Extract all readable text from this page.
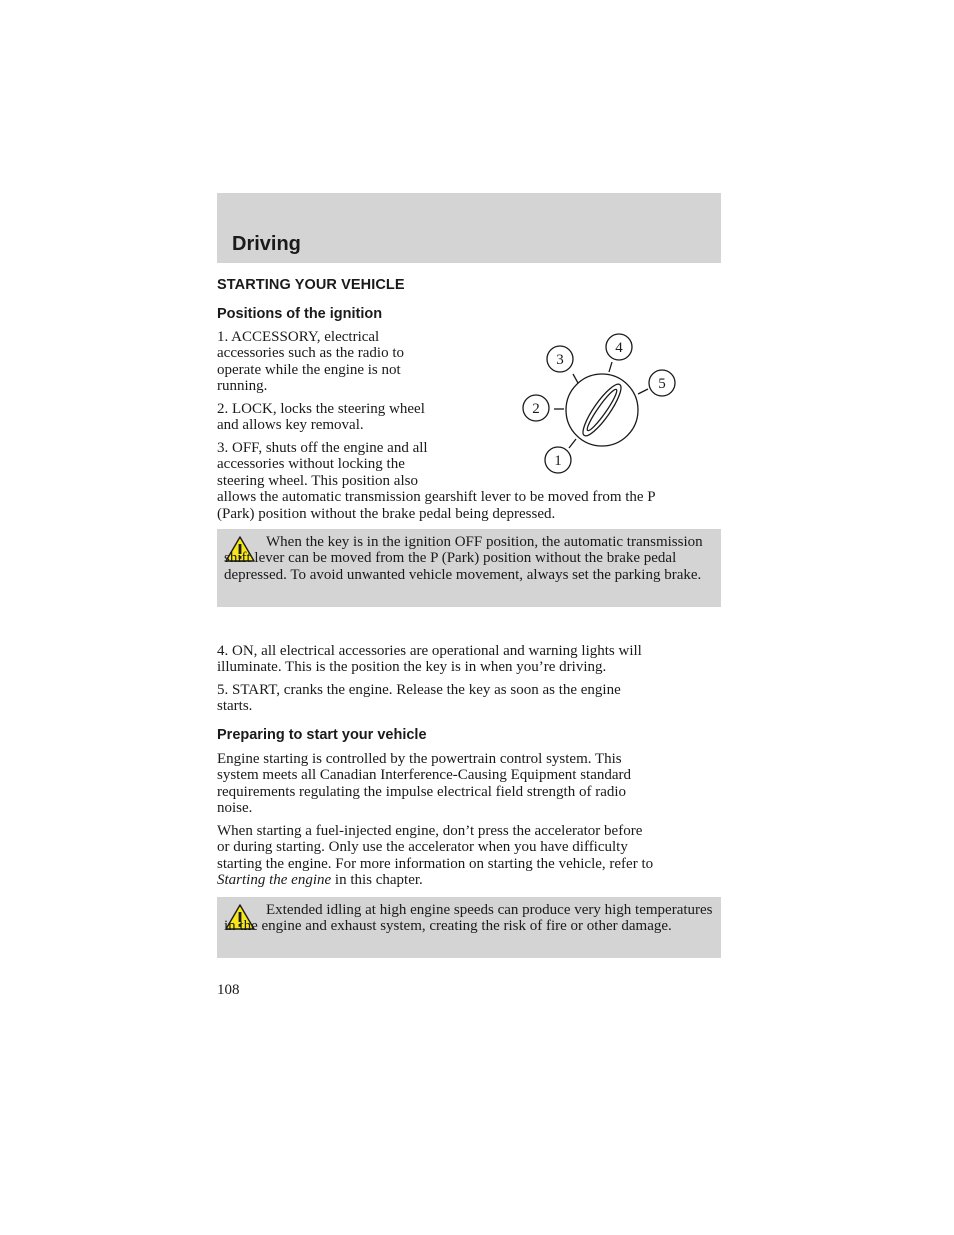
Driving
STARTING YOUR VEHICLE
Positions of the ignition
1. ACCESSORY, electrical
accessories such as the radio to
operate while the engine is not
running.
2. LOCK, locks the steering wheel
and allows key removal.
3. OFF, shuts off the engine and all
accessories without locking the
steering wheel. This position also
allows the automatic transmission gearshift lever to be moved from the P
(Park) position without the brake pedal being depressed.
1
2
3
4
5
When the key is in the ignition OFF position, the automatic transmission shift lever can be moved from the P (Park) position without the brake pedal depressed. To avoid unwanted vehicle movement, always set the parking brake.
4. ON, all electrical accessories are operational and warning lights will
illuminate. This is the position the key is in when you’re driving.
5. START, cranks the engine. Release the key as soon as the engine
starts.
Preparing to start your vehicle
Engine starting is controlled by the powertrain control system. This
system meets all Canadian Interference-Causing Equipment standard
requirements regulating the impulse electrical field strength of radio
noise.
When starting a fuel-injected engine, don’t press the accelerator before
or during starting. Only use the accelerator when you have difficulty
starting the engine. For more information on starting the vehicle, refer to
Starting the engine in this chapter.
Extended idling at high engine speeds can produce very high temperatures in the engine and exhaust system, creating the risk of fire or other damage.
108
